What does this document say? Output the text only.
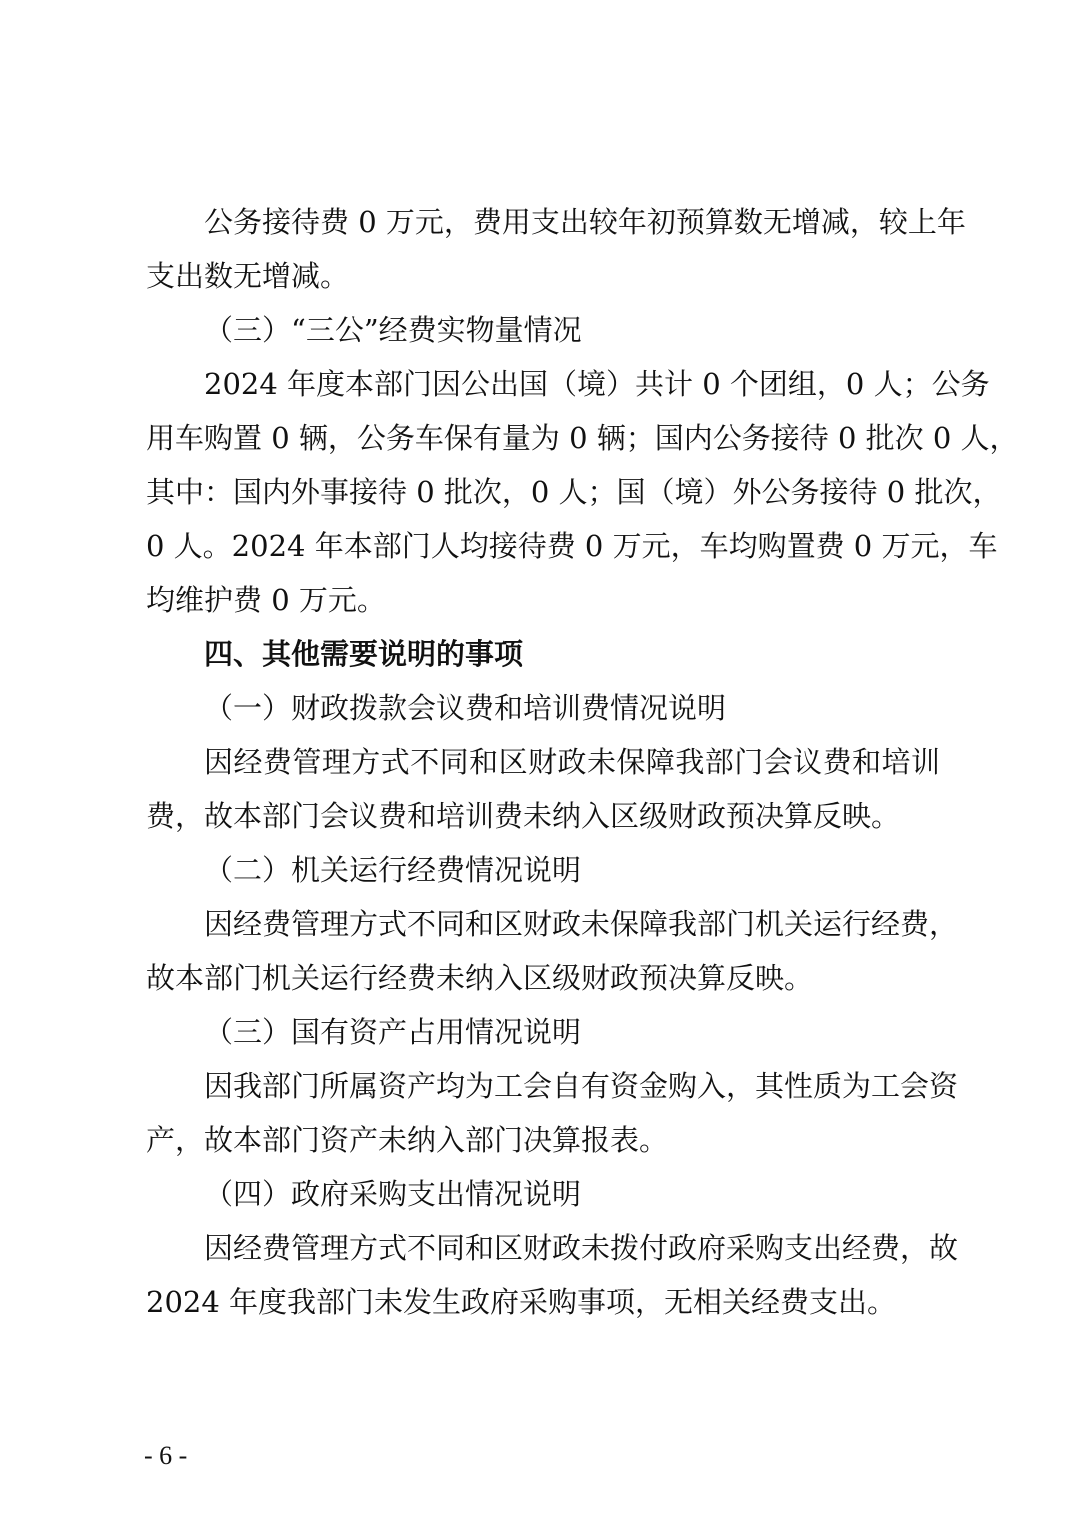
公务接待费 0 万元，费用支出较年初预算数无增减，较上年

支出数无增减。

（三）“三公”经费实物量情况

2024 年度本部门因公出国（境）共计 0 个团组，0 人；公务

用车购置 0 辆，公务车保有量为 0 辆；国内公务接待 0 批次 0 人，

其中：国内外事接待 0 批次，0 人；国（境）外公务接待 0 批次，

0 人。2024 年本部门人均接待费 0 万元，车均购置费 0 万元，车

均维护费 0 万元。

四、其他需要说明的事项

（一）财政拨款会议费和培训费情况说明

因经费管理方式不同和区财政未保障我部门会议费和培训

费，故本部门会议费和培训费未纳入区级财政预决算反映。

（二）机关运行经费情况说明

因经费管理方式不同和区财政未保障我部门机关运行经费，

故本部门机关运行经费未纳入区级财政预决算反映。

（三）国有资产占用情况说明

因我部门所属资产均为工会自有资金购入，其性质为工会资

产，故本部门资产未纳入部门决算报表。

（四）政府采购支出情况说明

因经费管理方式不同和区财政未拨付政府采购支出经费，故

2024 年度我部门未发生政府采购事项，无相关经费支出。

- 6 -
